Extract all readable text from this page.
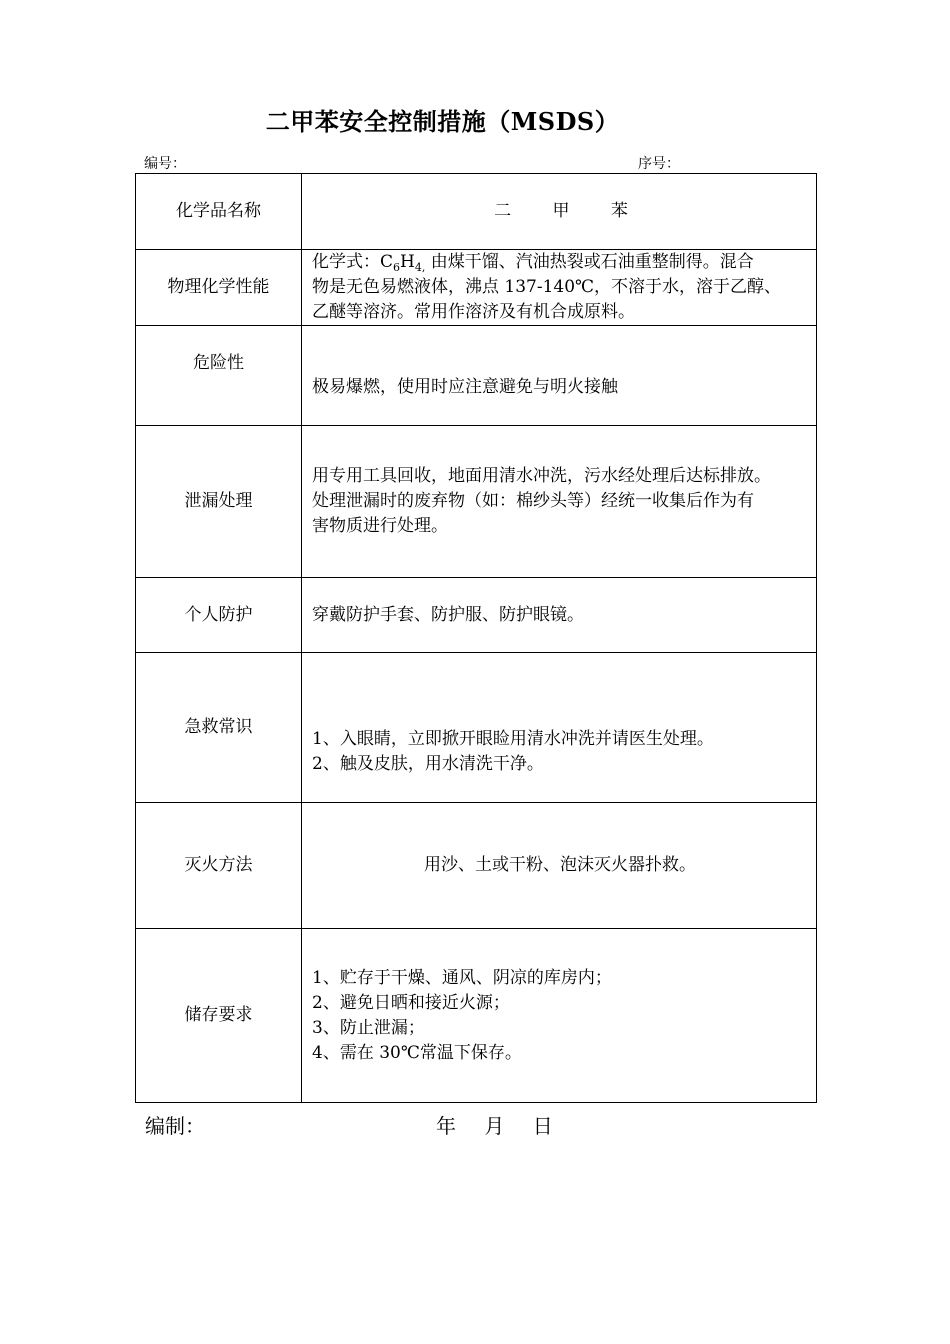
二甲苯安全控制措施（MSDS）
编号：	序号：
化学品名称	二 甲 苯
物理化学性能	化学式：$C_6H_{4,}$ 由煤干馏、汽油热裂或石油重整制得。混合
物是无色易燃液体，沸点 137-140℃，不溶于水，溶于乙醇、
乙醚等溶济。常用作溶济及有机合成原料。

危险性	极易爆燃，使用时应注意避免与明火接触
泄漏处理	用专用工具回收，地面用清水冲洗，污水经处理后达标排放。
处理泄漏时的废弃物（如：棉纱头等）经统一收集后作为有
害物质进行处理。

个人防护	穿戴防护手套、防护服、防护眼镜。
急救常识	1、入眼睛，立即掀开眼睑用清水冲洗并请医生处理。
2、触及皮肤，用水清洗干净。

灭火方法	用沙、土或干粉、泡沫灭火器扑救。
储存要求	1、贮存于干燥、通风、阴凉的库房内；
2、避免日晒和接近火源；
3、防止泄漏；
4、需在 30℃常温下保存。
编制：	年 月 日
